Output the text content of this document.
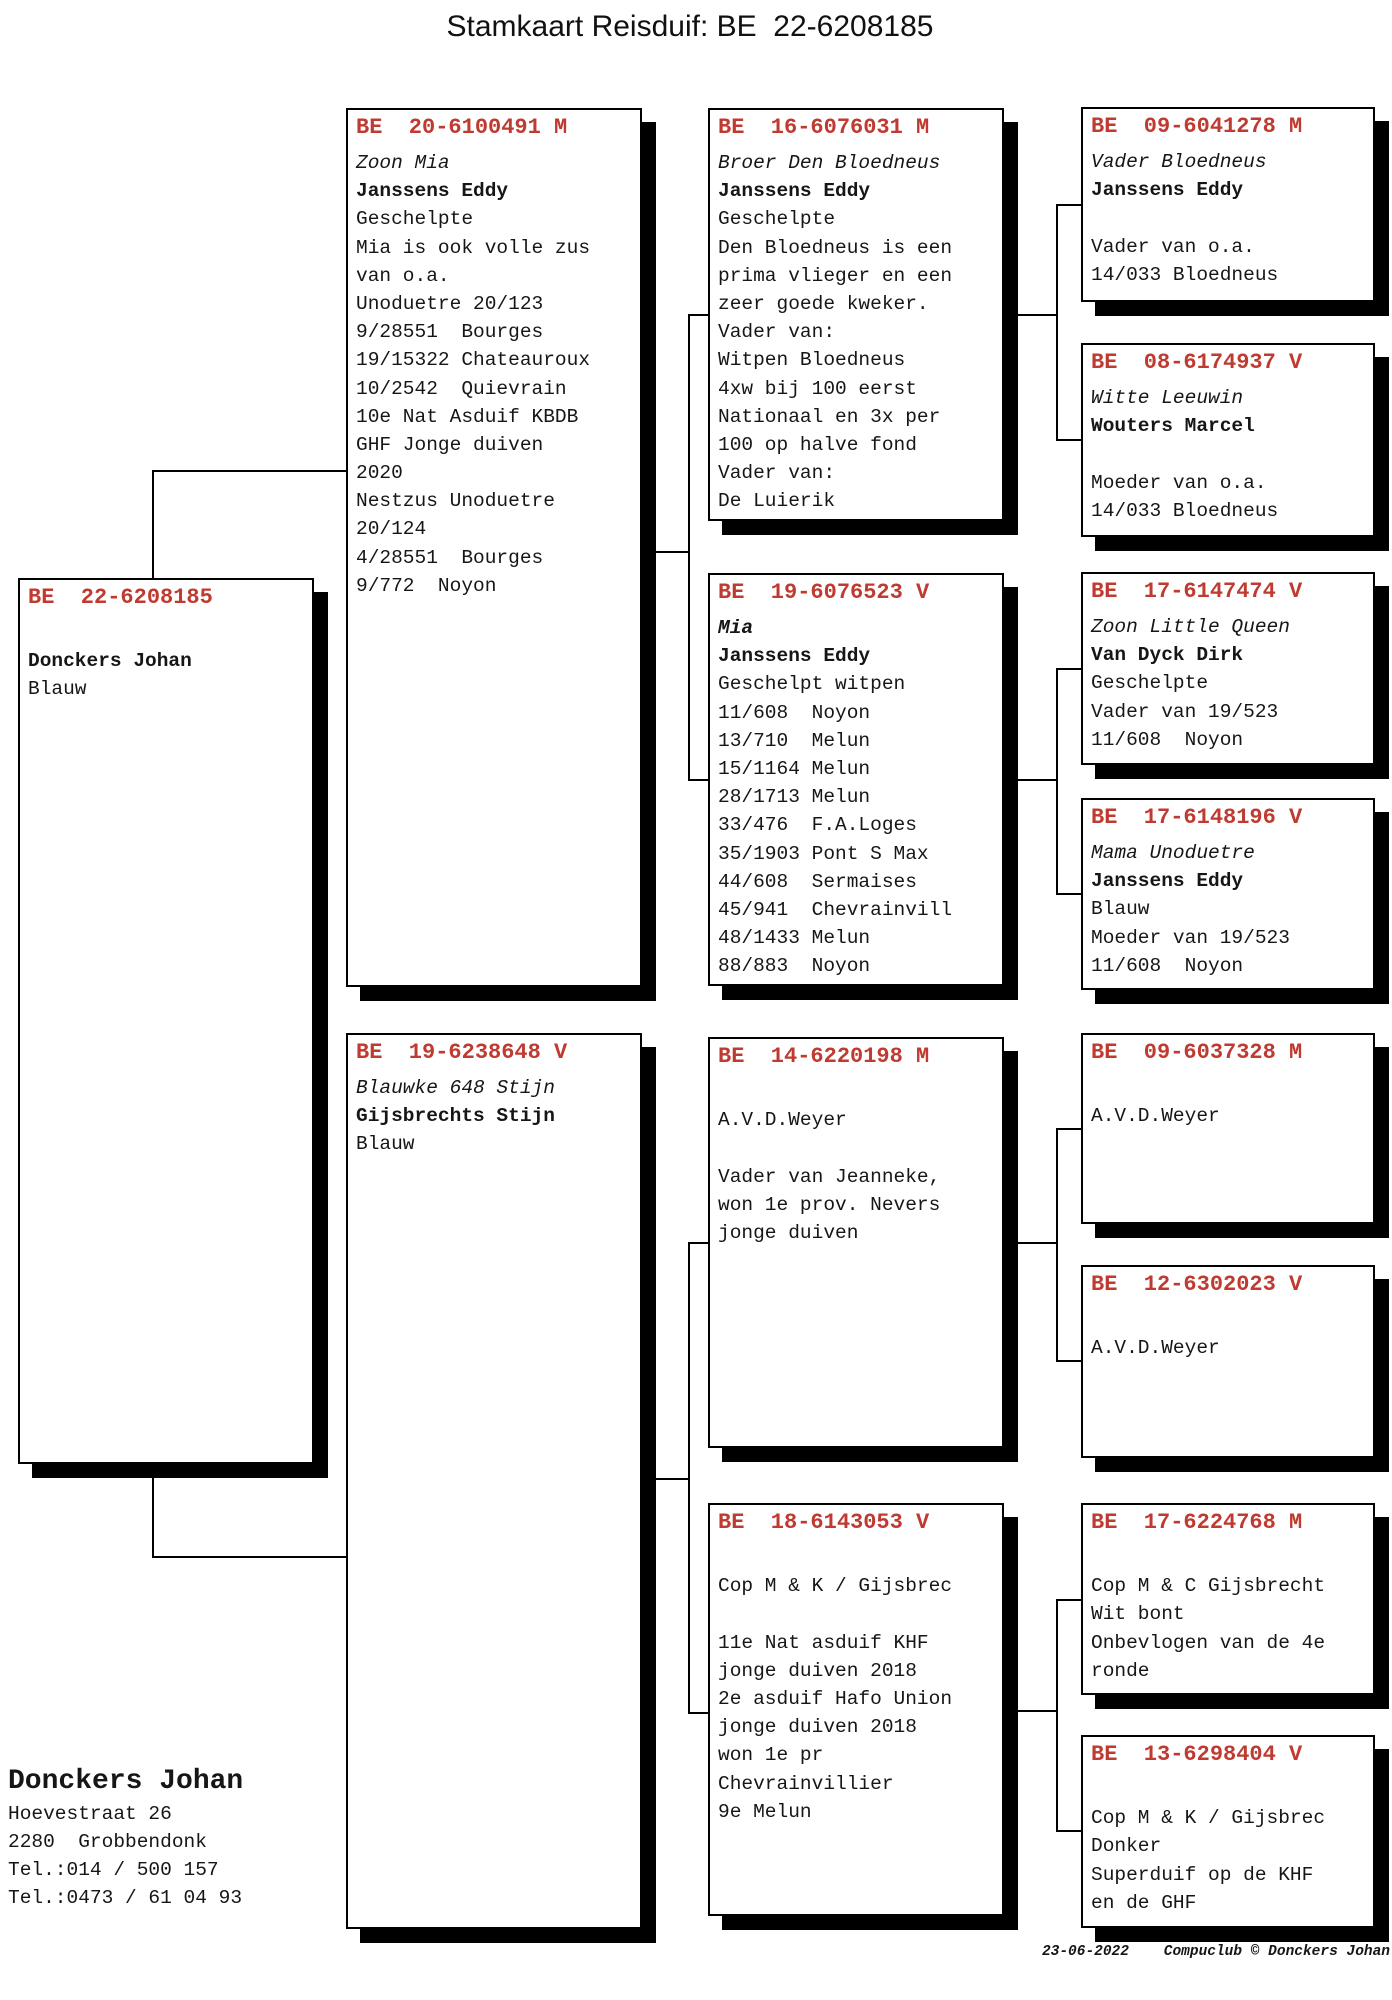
Stamkaart Reisduif: BE  22-6208185
BE  22-6208185
Donckers Johan
Blauw
BE  20-6100491 M
Zoon Mia
Janssens Eddy
Geschelpte
Mia is ook volle zus
van o.a.
Unoduetre 20/123
9/28551  Bourges
19/15322 Chateauroux
10/2542  Quievrain
10e Nat Asduif KBDB
GHF Jonge duiven
2020
Nestzus Unoduetre
20/124
4/28551  Bourges
9/772  Noyon
BE  19-6238648 V
Blauwke 648 Stijn
Gijsbrechts Stijn
Blauw
BE  16-6076031 M
Broer Den Bloedneus
Janssens Eddy
Geschelpte
Den Bloedneus is een
prima vlieger en een
zeer goede kweker.
Vader van:
Witpen Bloedneus
4xw bij 100 eerst
Nationaal en 3x per
100 op halve fond
Vader van:
De Luierik
BE  19-6076523 V
Mia
Janssens Eddy
Geschelpt witpen
11/608  Noyon
13/710  Melun
15/1164 Melun
28/1713 Melun
33/476  F.A.Loges
35/1903 Pont S Max
44/608  Sermaises
45/941  Chevrainvill
48/1433 Melun
88/883  Noyon
BE  14-6220198 M
A.V.D.Weyer
Vader van Jeanneke,
won 1e prov. Nevers
jonge duiven
BE  18-6143053 V
Cop M & K / Gijsbrec
11e Nat asduif KHF
jonge duiven 2018
2e asduif Hafo Union
jonge duiven 2018
won 1e pr
Chevrainvillier
9e Melun
BE  09-6041278 M
Vader Bloedneus
Janssens Eddy
Vader van o.a.
14/033 Bloedneus
BE  08-6174937 V
Witte Leeuwin
Wouters Marcel
Moeder van o.a.
14/033 Bloedneus
BE  17-6147474 V
Zoon Little Queen
Van Dyck Dirk
Geschelpte
Vader van 19/523
11/608  Noyon
BE  17-6148196 V
Mama Unoduetre
Janssens Eddy
Blauw
Moeder van 19/523
11/608  Noyon
BE  09-6037328 M
A.V.D.Weyer
BE  12-6302023 V
A.V.D.Weyer
BE  17-6224768 M
Cop M & C Gijsbrecht
Wit bont
Onbevlogen van de 4e
ronde
BE  13-6298404 V
Cop M & K / Gijsbrec
Donker
Superduif op de KHF
en de GHF
Donckers Johan
Hoevestraat 26
2280  Grobbendonk
Tel.:014 / 500 157
Tel.:0473 / 61 04 93
23-06-2022    Compuclub © Donckers Johan
